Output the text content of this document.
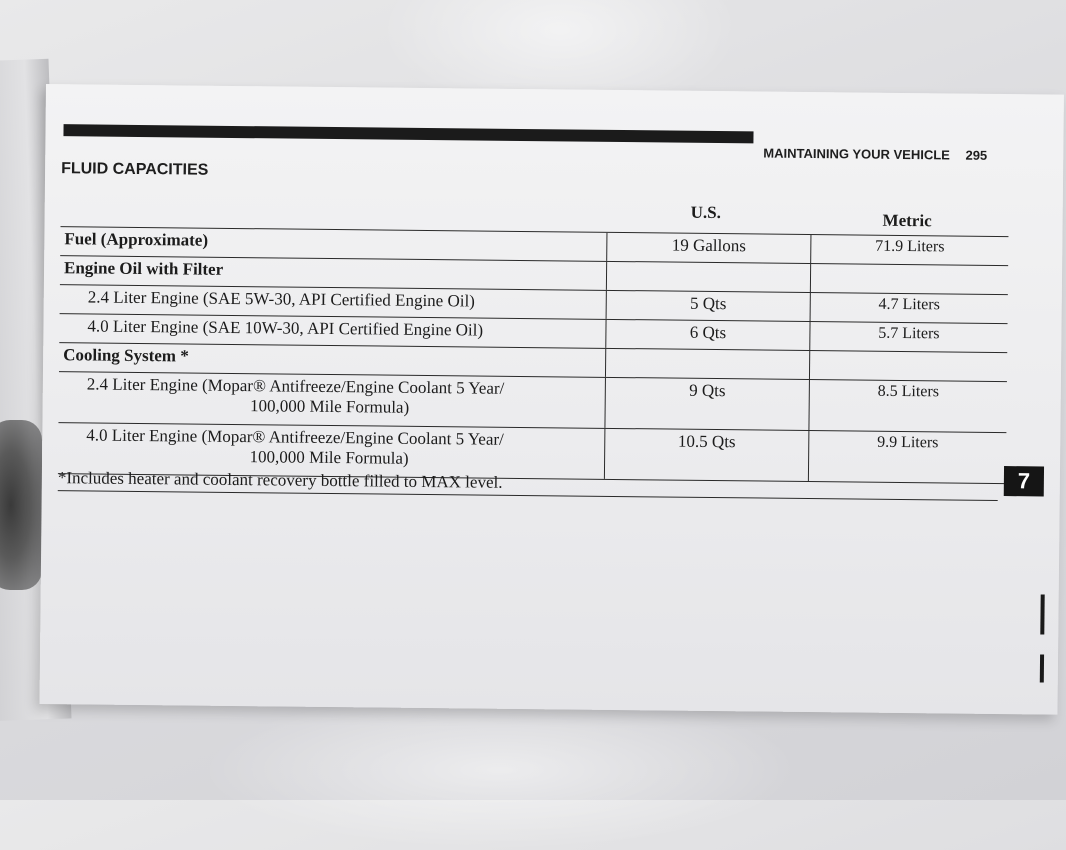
MAINTAINING YOUR VEHICLE 295
FLUID CAPACITIES
U.S.	Metric
Fuel (Approximate)	19 Gallons	71.9 Liters
Engine Oil with Filter
2.4 Liter Engine (SAE 5W-30, API Certified Engine Oil)	5 Qts	4.7 Liters
4.0 Liter Engine (SAE 10W-30, API Certified Engine Oil)	6 Qts	5.7 Liters
Cooling System *
2.4 Liter Engine (Mopar® Antifreeze/Engine Coolant 5 Year/
100,000 Mile Formula)
9 Qts	8.5 Liters
4.0 Liter Engine (Mopar® Antifreeze/Engine Coolant 5 Year/
100,000 Mile Formula)
10.5 Qts	9.9 Liters
*Includes heater and coolant recovery bottle filled to MAX level.	7
